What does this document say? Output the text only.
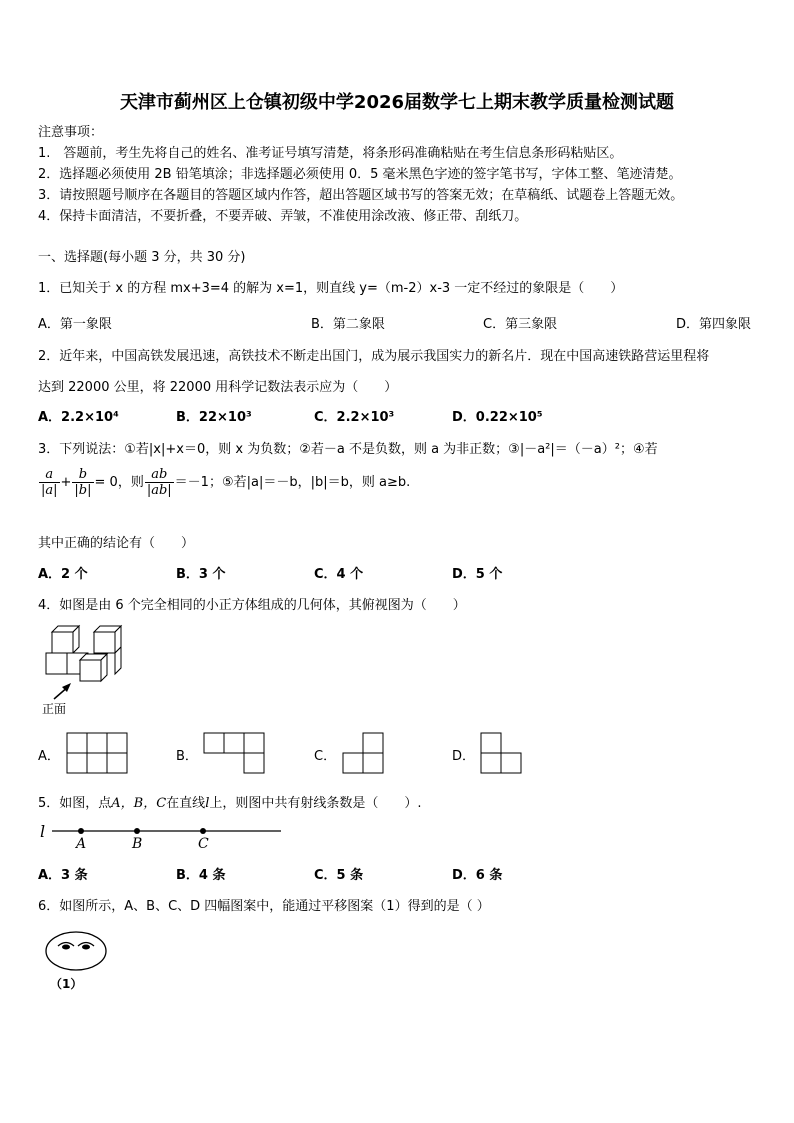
天津市蓟州区上仓镇初级中学2026届数学七上期末教学质量检测试题
注意事项：
1.　答题前，考生先将自己的姓名、准考证号填写清楚，将条形码准确粘贴在考生信息条形码粘贴区。
2．选择题必须使用 2B 铅笔填涂；非选择题必须使用 0．5 毫米黑色字迹的签字笔书写，字体工整、笔迹清楚。
3．请按照题号顺序在各题目的答题区域内作答，超出答题区域书写的答案无效；在草稿纸、试题卷上答题无效。
4．保持卡面清洁，不要折叠，不要弄破、弄皱，不准使用涂改液、修正带、刮纸刀。
一、选择题(每小题 3 分，共 30 分)
1．已知关于 x 的方程 mx+3=4 的解为 x=1，则直线 y=（m-2）x-3 一定不经过的象限是（　　）
A．第一象限	B．第二象限	C．第三象限	D．第四象限
2．近年来，中国高铁发展迅速，高铁技术不断走出国门，成为展示我国实力的新名片．现在中国高速铁路营运里程将
达到 22000 公里，将 22000 用科学记数法表示应为（　　）
A．2.2×10⁴	B．22×10³	C．2.2×10³	D．0.22×10⁵
3．下列说法：①若|x|+x＝0，则 x 为负数；②若－a 不是负数，则 a 为非正数；③|－a²|＝（－a）²；④若
$\frac{a}{|a|} + \frac{b}{|b|} = 0$，则 $\frac{ab}{|ab|} =-1$；⑤若|a|＝－b，|b|＝b，则 a≥b.
其中正确的结论有（　　）
A．2 个	B．3 个	C．4 个	D．5 个
4．如图是由 6 个完全相同的小正方体组成的几何体，其俯视图为（　　）
正面
A．	B．	C．	D．
5．如图，点A，B，C在直线l上，则图中共有射线条数是（　　）.
l
A	B	C
A．3 条	B．4 条	C．5 条	D．6 条
6．如图所示，A、B、C、D 四幅图案中，能通过平移图案（1）得到的是（ ）
（1）
